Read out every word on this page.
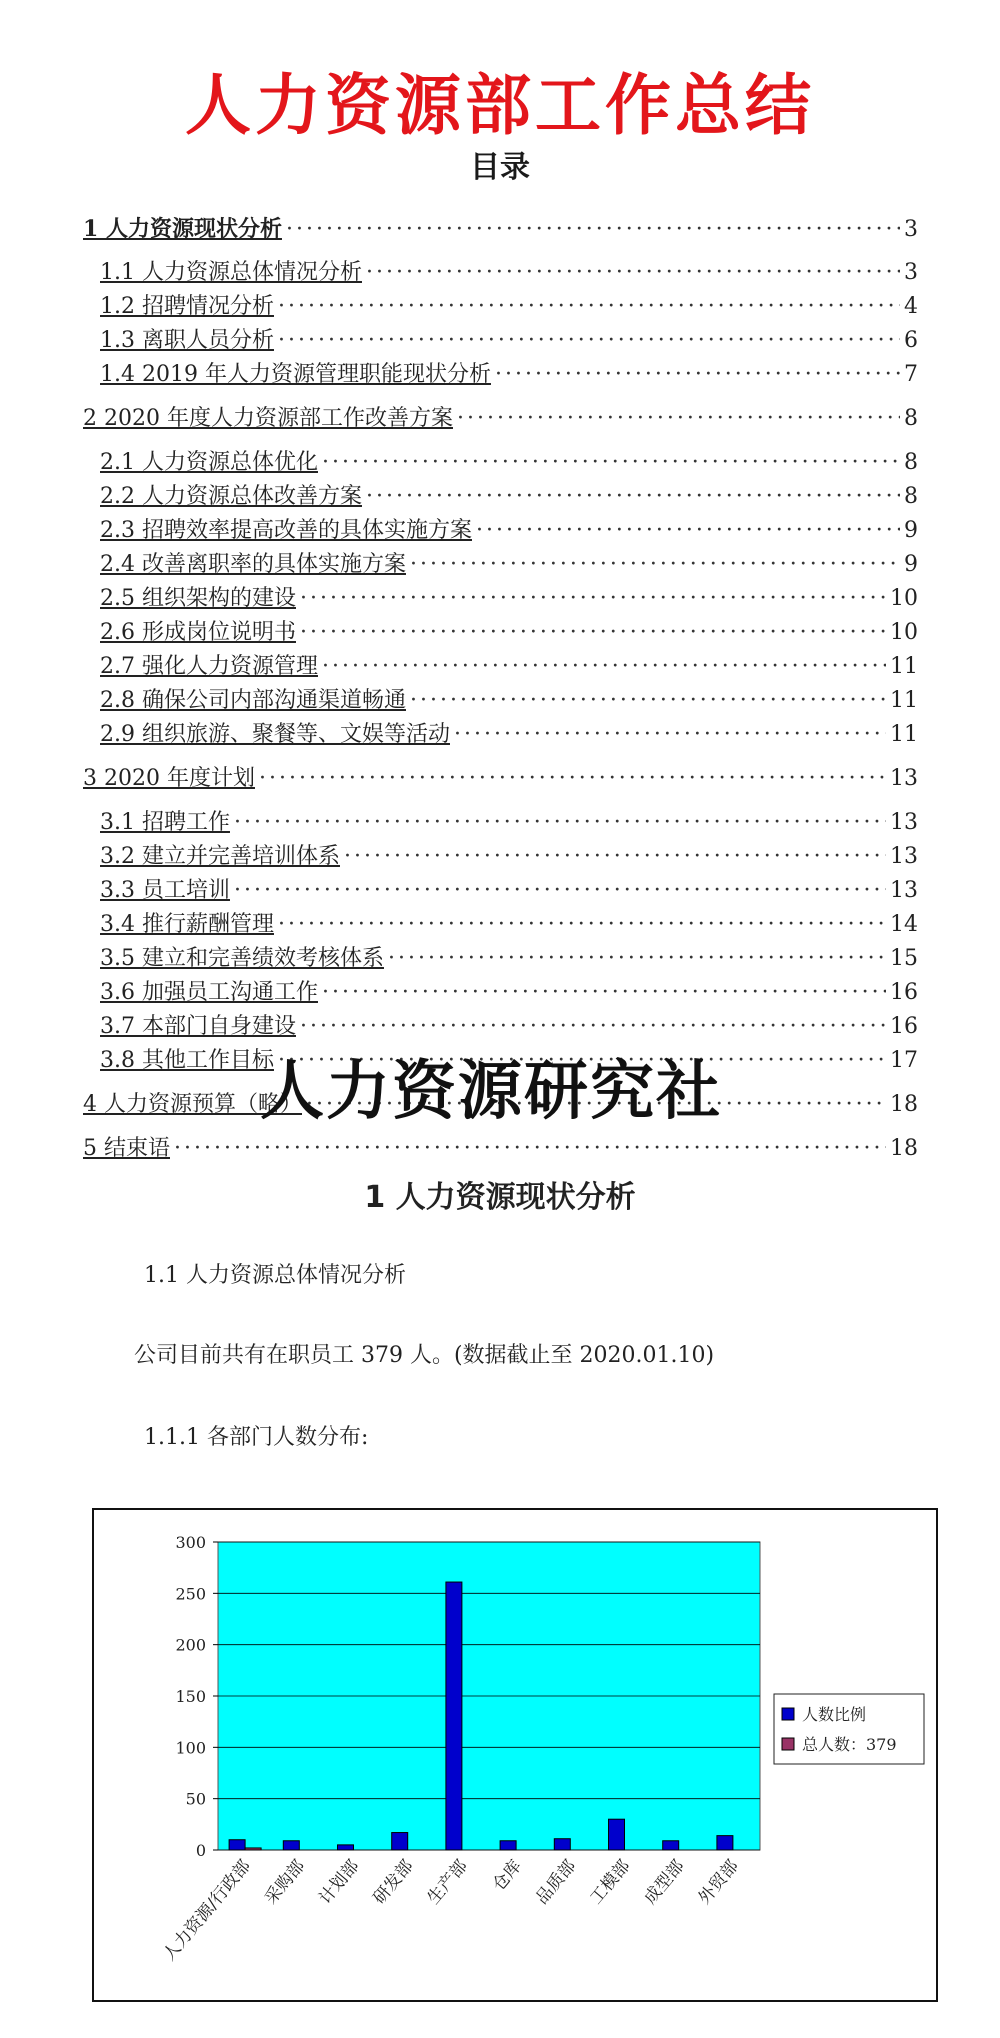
人力资源部工作总结
目录
1 人力资源现状分析 ·····	3
1.1 人力资源总体情况分析 ·····	3
1.2 招聘情况分析 ·····	4
1.3 离职人员分析 ·····	6
1.4 2019 年人力资源管理职能现状分析 ·····	7
2 2020 年度人力资源部工作改善方案 ·····	8
2.1 人力资源总体优化 ·····	8
2.2 人力资源总体改善方案 ·····	8
2.3 招聘效率提高改善的具体实施方案 ·····	9
2.4 改善离职率的具体实施方案 ·····	9
2.5 组织架构的建设 ·····	10
2.6 形成岗位说明书 ·····	10
2.7 强化人力资源管理 ·····	11
2.8 确保公司内部沟通渠道畅通 ·····	11
2.9 组织旅游、聚餐等、文娱等活动 ·····	11
3 2020 年度计划 ·····	13
3.1 招聘工作 ·····	13
3.2 建立并完善培训体系 ·····	13
3.3 员工培训 ·····	13
3.4 推行薪酬管理 ·····	14
3.5 建立和完善绩效考核体系 ·····	15
3.6 加强员工沟通工作 ·····	16
3.7 本部门自身建设 ·····	16
3.8 其他工作目标 ·····	17
4 人力资源预算（略） ·····	18
5 结束语 ·····	18
1 人力资源现状分析
1.1 人力资源总体情况分析
公司目前共有在职员工 379 人。(数据截止至 2020.01.10)
1.1.1 各部门人数分布:
0
50
100
150
200
250
300
人力资源/行政部 采购部 计划部 研发部 生产部 仓库 品质部 工模部 成型部 外贸部
人数比例
总人数：379
人力资源研究社
